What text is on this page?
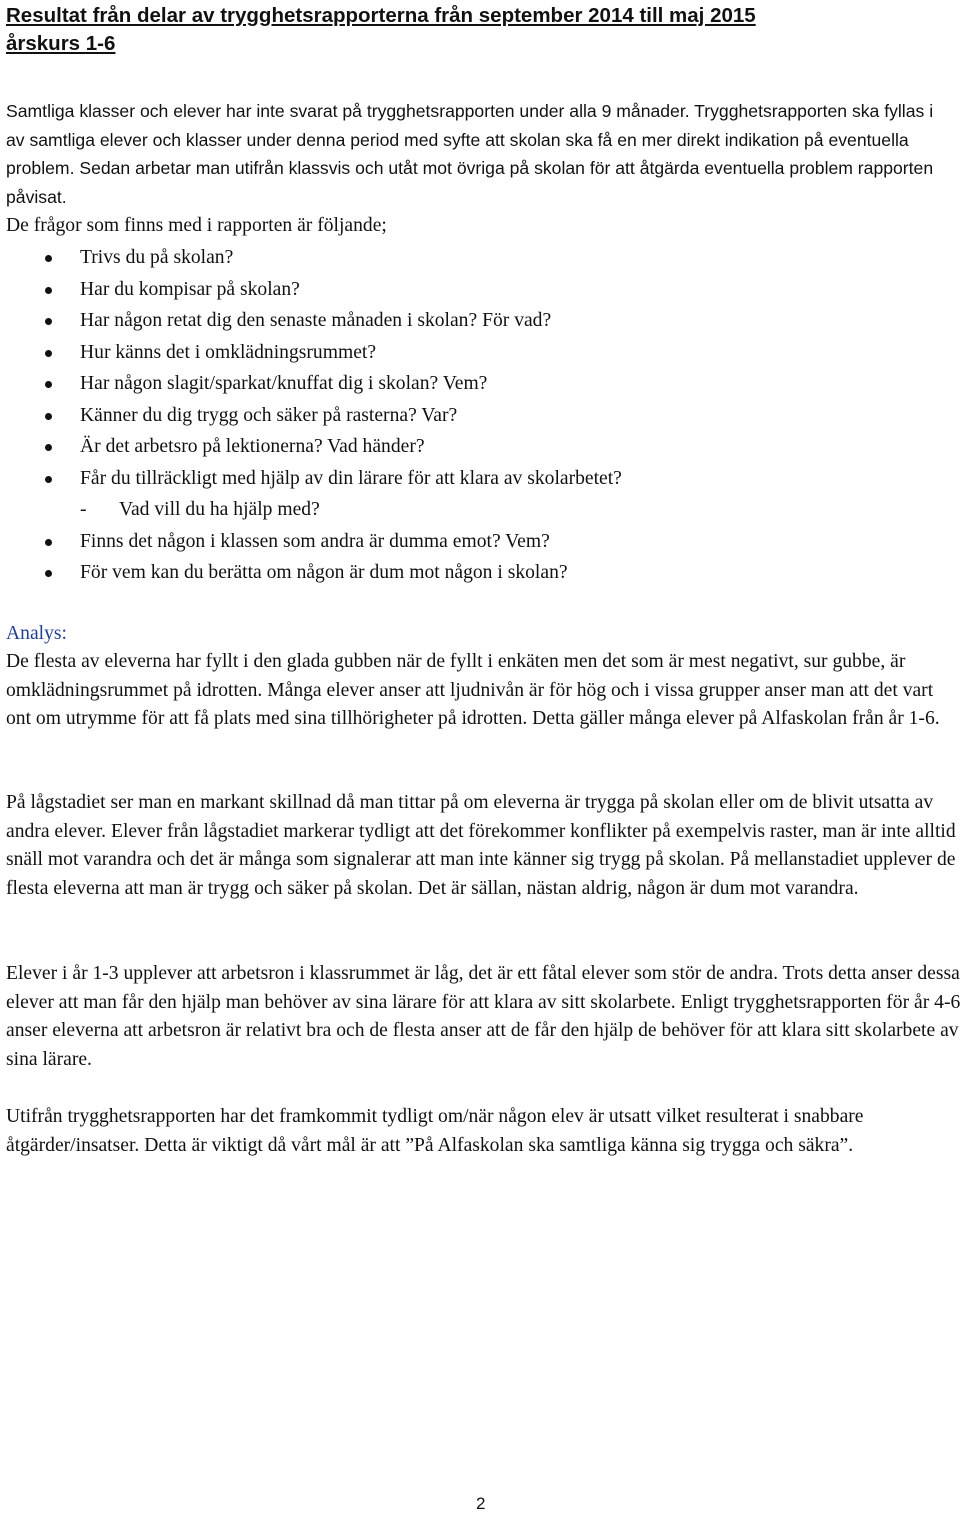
Resultat från delar av trygghetsrapporterna från september 2014 till maj 2015
årskurs 1-6

Samtliga klasser och elever har inte svarat på trygghetsrapporten under alla 9 månader. Trygghetsrapporten ska fyllas i av samtliga elever och klasser under denna period med syfte att skolan ska få en mer direkt indikation på eventuella problem. Sedan arbetar man utifrån klassvis och utåt mot övriga på skolan för att åtgärda eventuella problem rapporten påvisat.
De frågor som finns med i rapporten är följande;

Trivs du på skolan?
Har du kompisar på skolan?
Har någon retat dig den senaste månaden i skolan? För vad?
Hur känns det i omklädningsrummet?
Har någon slagit/sparkat/knuffat dig i skolan? Vem?
Känner du dig trygg och säker på rasterna? Var?
Är det arbetsro på lektionerna? Vad händer?
Får du tillräckligt med hjälp av din lärare för att klara av skolarbetet?
- Vad vill du ha hjälp med?
Finns det någon i klassen som andra är dumma emot? Vem?
För vem kan du berätta om någon är dum mot någon i skolan?

Analys:

De flesta av eleverna har fyllt i den glada gubben när de fyllt i enkäten men det som är mest negativt, sur gubbe, är omklädningsrummet på idrotten. Många elever anser att ljudnivån är för hög och i vissa grupper anser man att det vart ont om utrymme för att få plats med sina tillhörigheter på idrotten. Detta gäller många elever på Alfaskolan från år 1-6.

På lågstadiet ser man en markant skillnad då man tittar på om eleverna är trygga på skolan eller om de blivit utsatta av andra elever. Elever från lågstadiet markerar tydligt att det förekommer konflikter på exempelvis raster, man är inte alltid snäll mot varandra och det är många som signalerar att man inte känner sig trygg på skolan. På mellanstadiet upplever de flesta eleverna att man är trygg och säker på skolan. Det är sällan, nästan aldrig, någon är dum mot varandra.

Elever i år 1-3 upplever att arbetsron i klassrummet är låg, det är ett fåtal elever som stör de andra. Trots detta anser dessa elever att man får den hjälp man behöver av sina lärare för att klara av sitt skolarbete. Enligt trygghetsrapporten för år 4-6 anser eleverna att arbetsron är relativt bra och de flesta anser att de får den hjälp de behöver för att klara sitt skolarbete av sina lärare.

Utifrån trygghetsrapporten har det framkommit tydligt om/när någon elev är utsatt vilket resulterat i snabbare åtgärder/insatser. Detta är viktigt då vårt mål är att ”På Alfaskolan ska samtliga känna sig trygga och säkra”.

2
